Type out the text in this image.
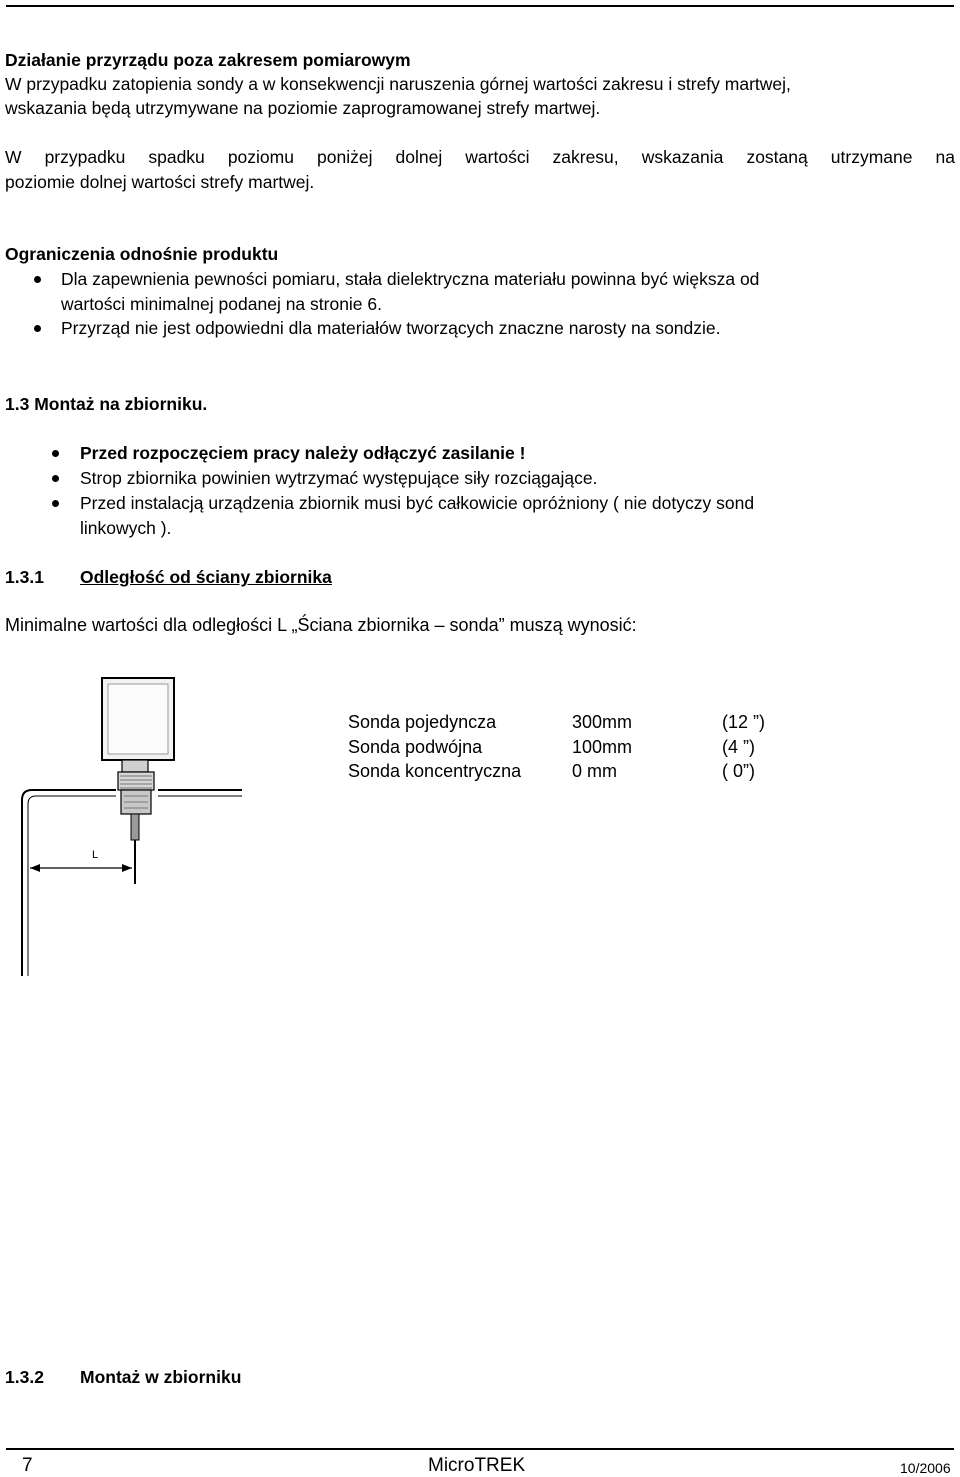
Działanie przyrządu poza zakresem pomiarowym
W przypadku zatopienia sondy a w konsekwencji naruszenia górnej wartości zakresu i strefy martwej,
wskazania będą utrzymywane na poziomie zaprogramowanej strefy martwej.
W przypadku spadku poziomu poniżej dolnej wartości zakresu, wskazania zostaną utrzymane na
poziomie dolnej wartości strefy martwej.
Ograniczenia odnośnie produktu
Dla zapewnienia pewności pomiaru, stała dielektryczna materiału powinna być większa od
wartości minimalnej podanej na stronie 6.
Przyrząd nie jest odpowiedni dla materiałów tworzących znaczne narosty na sondzie.
1.3 Montaż na zbiorniku.
Przed rozpoczęciem pracy należy odłączyć zasilanie !
Strop zbiornika powinien wytrzymać występujące siły rozciągające.
Przed instalacją urządzenia zbiornik musi być całkowicie opróżniony ( nie dotyczy sond
linkowych ).
1.3.1 Odległość od ściany zbiornika
Minimalne wartości dla odległości L „Ściana zbiornika – sonda” muszą wynosić:
L
Sonda pojedyncza	300mm	(12 ”)
Sonda podwójna	100mm	(4 ”)
Sonda koncentryczna	0 mm	( 0”)
1.3.2 Montaż w zbiorniku
7	MicroTREK	10/2006
